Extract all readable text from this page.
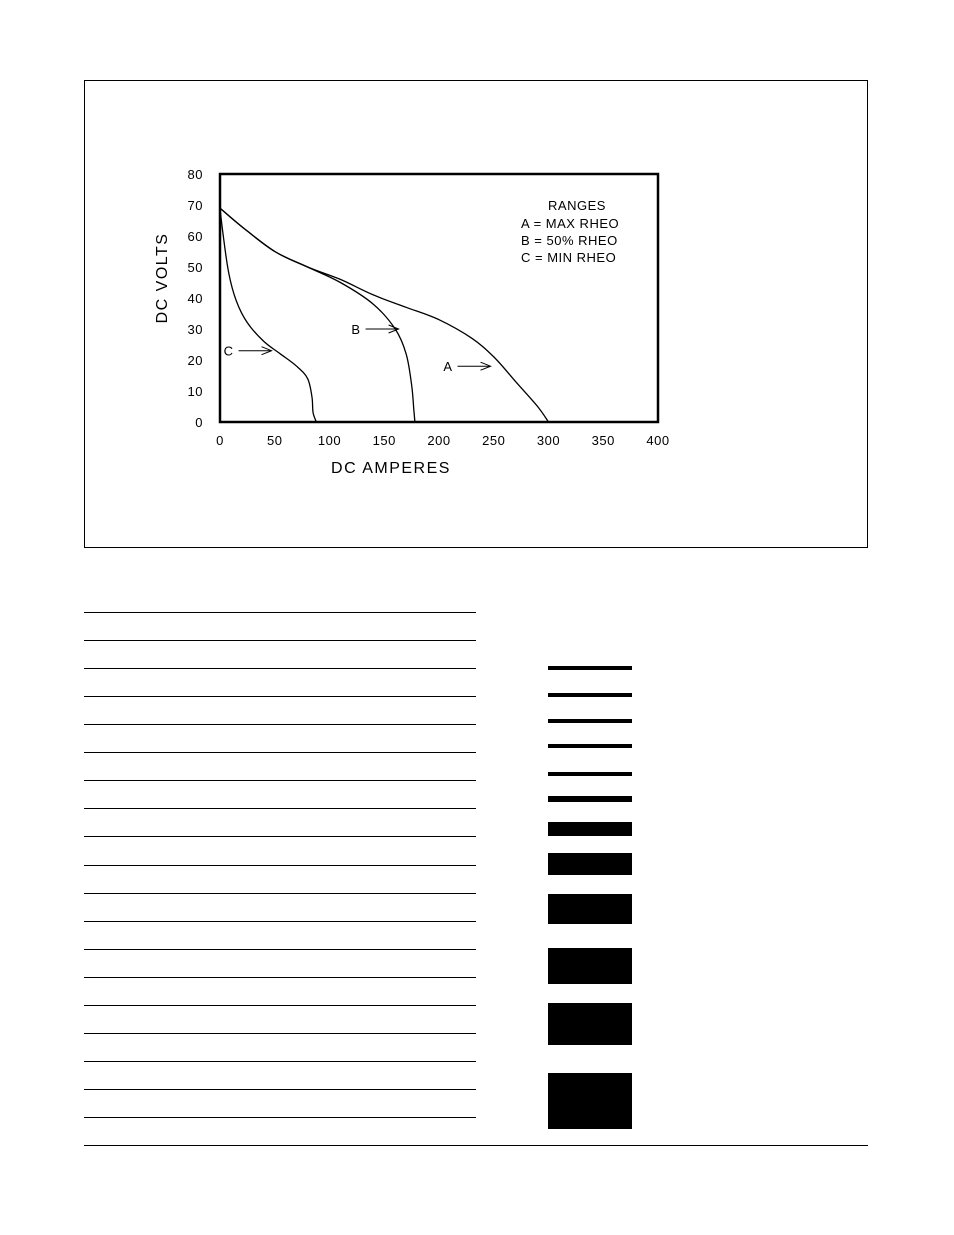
0	50	100 150 200 250 300 350 400
0
10
20
30
40
50
60
70
80
DC AMPERES
DC VOLTS
RANGES
A = MAX RHEO
B = 50% RHEO
C = MIN RHEO
A
B
C
